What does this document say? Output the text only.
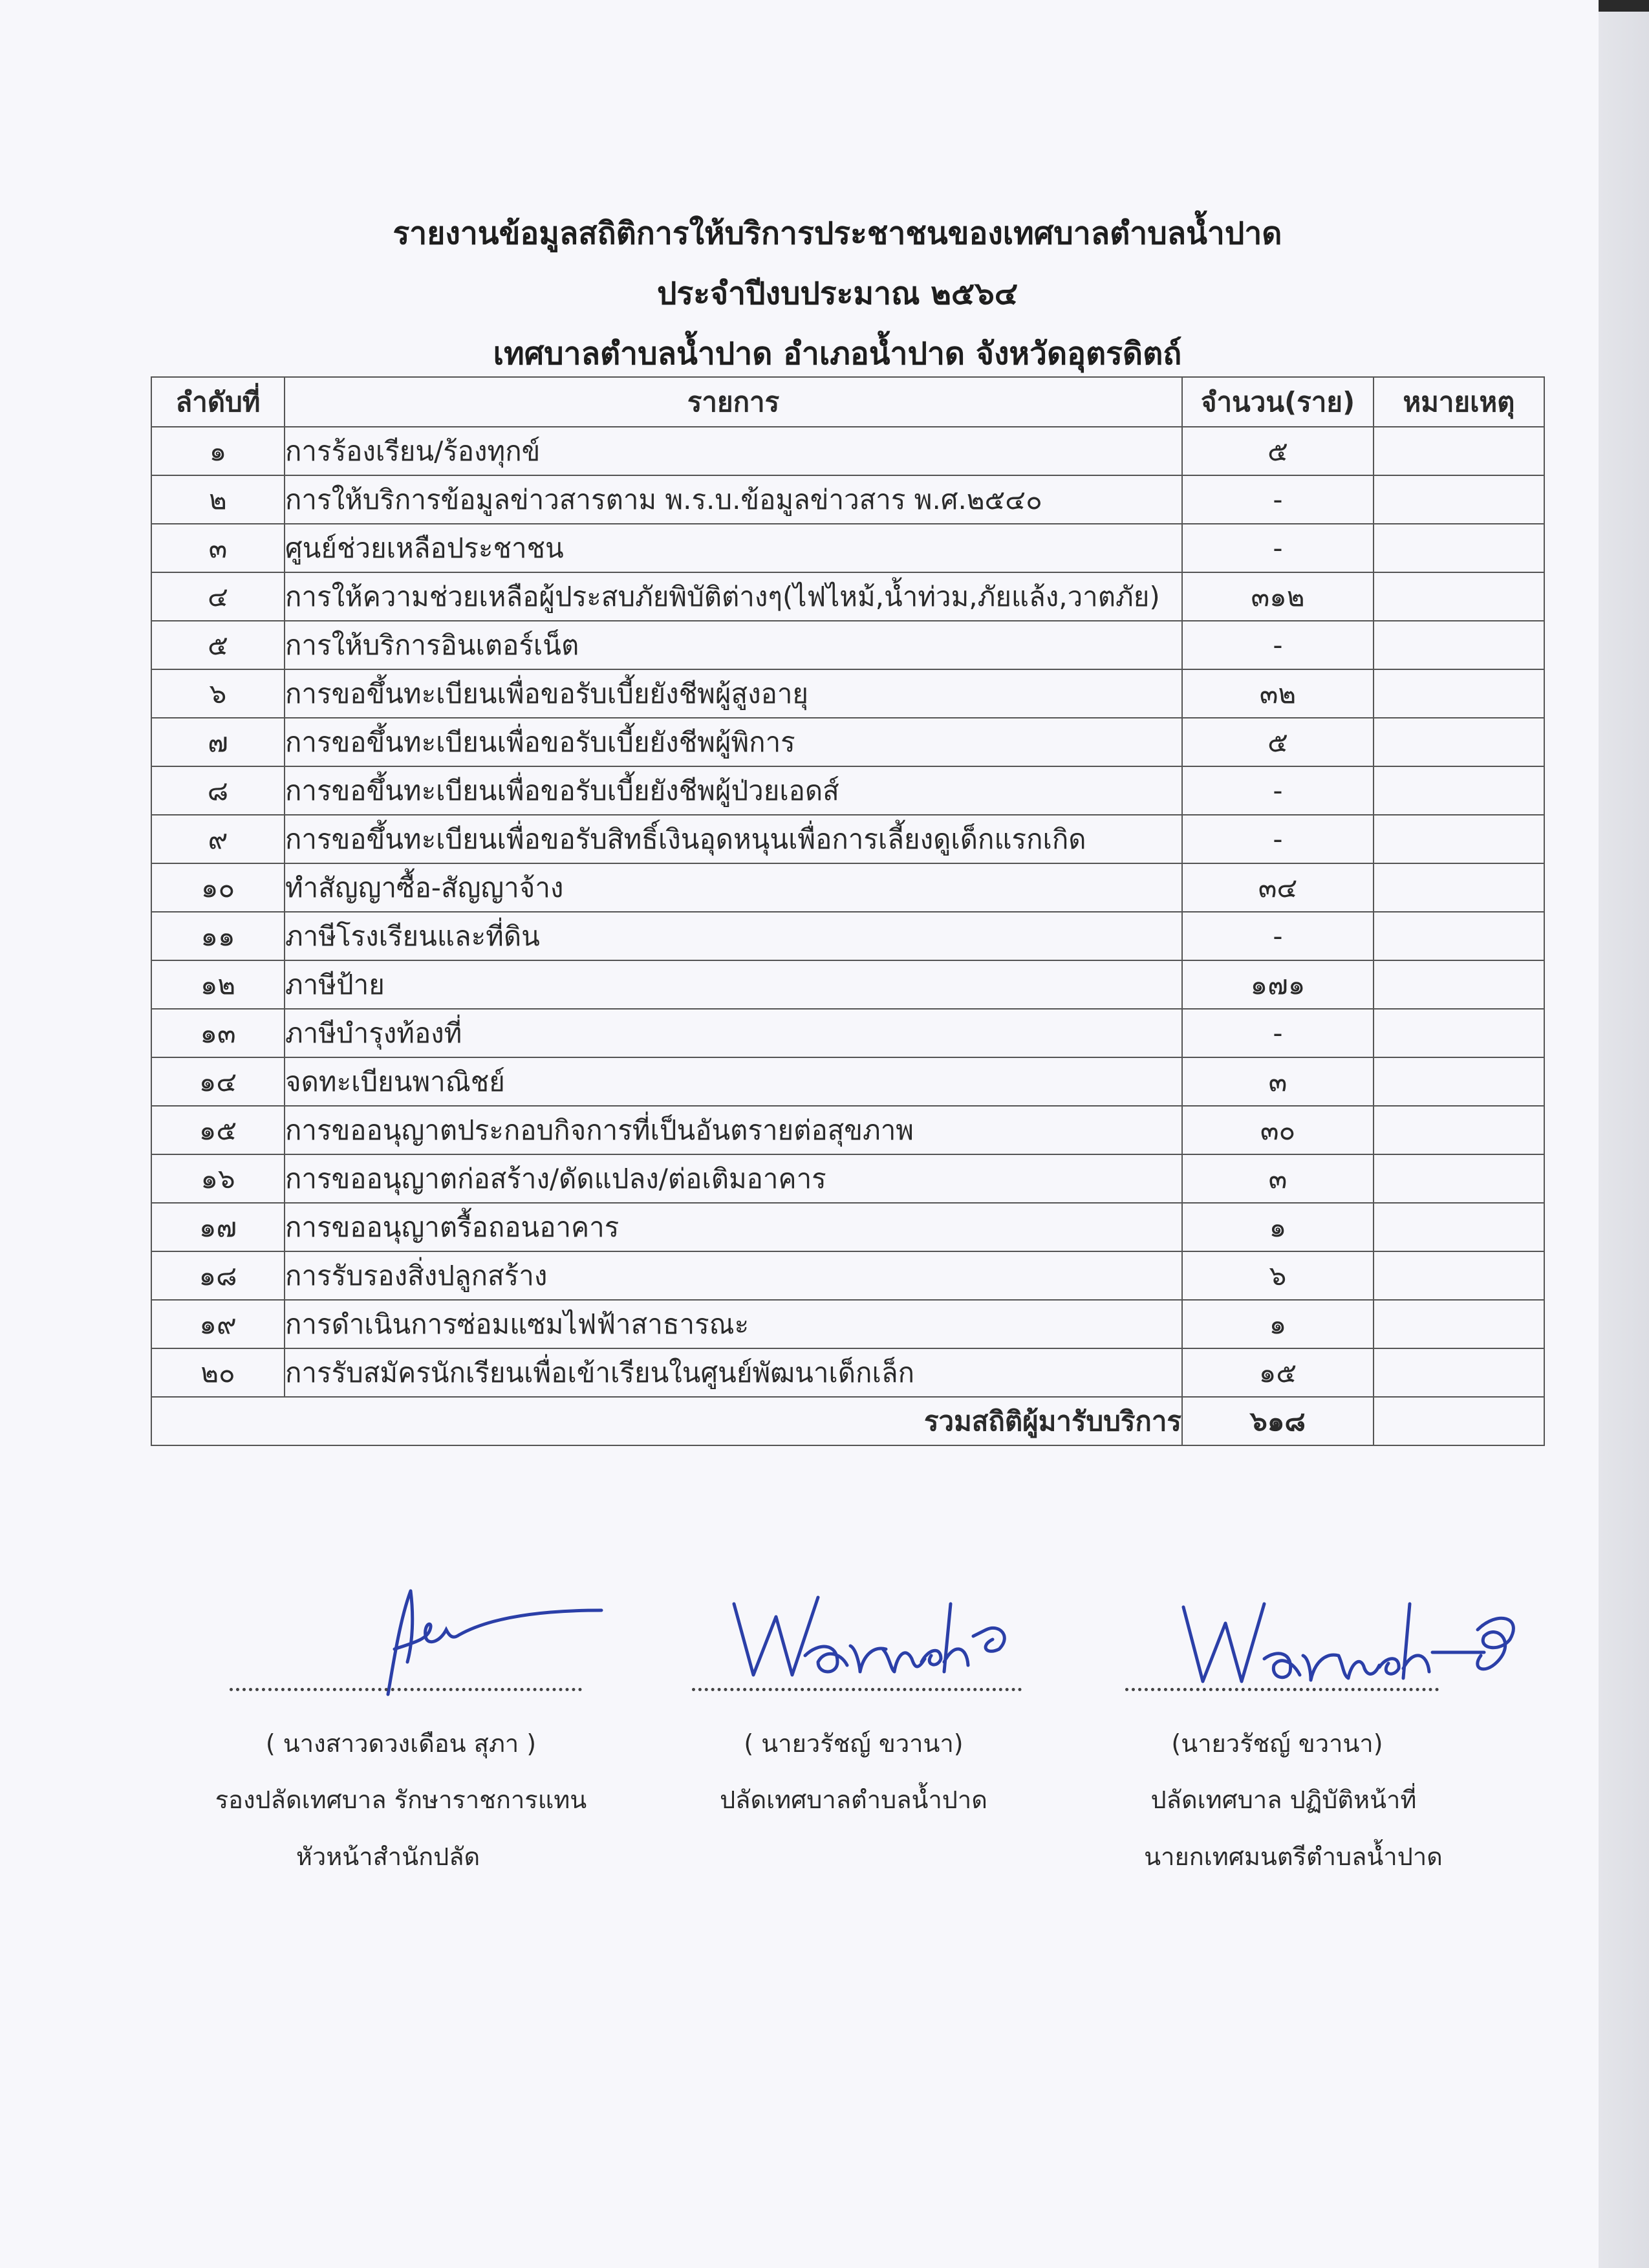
รายงานข้อมูลสถิติการให้บริการประชาชนของเทศบาลตำบลน้ำปาด
ประจำปีงบประมาณ ๒๕๖๔
เทศบาลตำบลน้ำปาด อำเภอน้ำปาด จังหวัดอุตรดิตถ์
ลำดับที่	รายการ	จำนวน(ราย)	หมายเหตุ
๑	การร้องเรียน/ร้องทุกข์	๕	
๒	การให้บริการข้อมูลข่าวสารตาม พ.ร.บ.ข้อมูลข่าวสาร พ.ศ.๒๕๔๐	-	
๓	ศูนย์ช่วยเหลือประชาชน	-	
๔	การให้ความช่วยเหลือผู้ประสบภัยพิบัติต่างๆ(ไฟไหม้,น้ำท่วม,ภัยแล้ง,วาตภัย)	๓๑๒	
๕	การให้บริการอินเตอร์เน็ต	-	
๖	การขอขึ้นทะเบียนเพื่อขอรับเบี้ยยังชีพผู้สูงอายุ	๓๒	
๗	การขอขึ้นทะเบียนเพื่อขอรับเบี้ยยังชีพผู้พิการ	๕	
๘	การขอขึ้นทะเบียนเพื่อขอรับเบี้ยยังชีพผู้ป่วยเอดส์	-	
๙	การขอขึ้นทะเบียนเพื่อขอรับสิทธิ์เงินอุดหนุนเพื่อการเลี้ยงดูเด็กแรกเกิด	-	
๑๐	ทำสัญญาซื้อ-สัญญาจ้าง	๓๔	
๑๑	ภาษีโรงเรียนและที่ดิน	-	
๑๒	ภาษีป้าย	๑๗๑	
๑๓	ภาษีบำรุงท้องที่	-	
๑๔	จดทะเบียนพาณิชย์	๓	
๑๕	การขออนุญาตประกอบกิจการที่เป็นอันตรายต่อสุขภาพ	๓๐	
๑๖	การขออนุญาตก่อสร้าง/ดัดแปลง/ต่อเติมอาคาร	๓	
๑๗	การขออนุญาตรื้อถอนอาคาร	๑	
๑๘	การรับรองสิ่งปลูกสร้าง	๖	
๑๙	การดำเนินการซ่อมแซมไฟฟ้าสาธารณะ	๑	
๒๐	การรับสมัครนักเรียนเพื่อเข้าเรียนในศูนย์พัฒนาเด็กเล็ก	๑๕	
รวมสถิติผู้มารับบริการ		๖๑๘	
( นางสาวดวงเดือน สุภา )
รองปลัดเทศบาล รักษาราชการแทน
หัวหน้าสำนักปลัด
( นายวรัชญ์ ขวานา)
ปลัดเทศบาลตำบลน้ำปาด
(นายวรัชญ์ ขวานา)
ปลัดเทศบาล ปฏิบัติหน้าที่
นายกเทศมนตรีตำบลน้ำปาด
